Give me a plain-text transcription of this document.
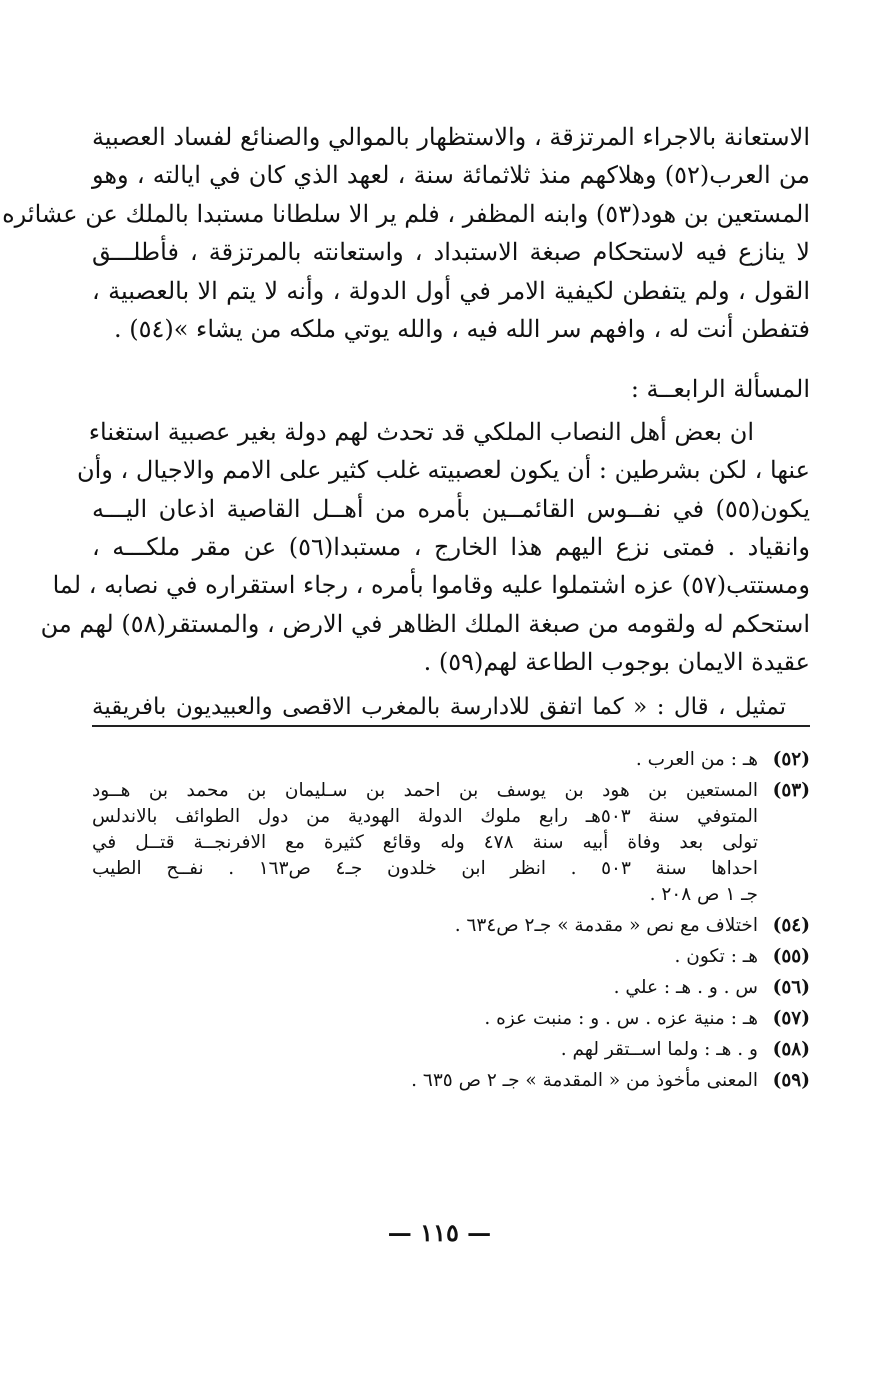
الاستعانة بالاجراء المرتزقة ، والاستظهار بالموالي والصنائع لفساد العصبية
من العرب(٥٢) وهلاكهم منذ ثلاثمائة سنة ، لعهد الذي كان في ايالته ، وهو
المستعين بن هود(٥٣) وابنه المظفر ، فلم ير الا سلطانا مستبدا بالملك عن عشائره
لا ينازع فيه لاستحكام صبغة الاستبداد ، واستعانته بالمرتزقة ، فأطلـــق
القول ، ولم يتفطن لكيفية الامر في أول الدولة ، وأنه لا يتم الا بالعصبية ،
فتفطن أنت له ، وافهم سر الله فيه ، والله يوتي ملكه من يشاء »(٥٤) .
المسألة الرابعــة :
ان بعض أهل النصاب الملكي قد تحدث لهم دولة بغير عصبية استغناء
عنها ، لكن بشرطين : أن يكون لعصبيته غلب كثير على الامم والاجيال ، وأن
يكون(٥٥) في نفــوس القائمــين بأمره من أهــل القاصية اذعان اليـــه
وانقياد . فمتى نزع اليهم هذا الخارج ، مستبدا(٥٦) عن مقر ملكـــه ،
ومستتب(٥٧) عزه اشتملوا عليه وقاموا بأمره ، رجاء استقراره في نصابه ، لما
استحكم له ولقومه من صبغة الملك الظاهر في الارض ، والمستقر(٥٨) لهم من
عقيدة الايمان بوجوب الطاعة لهم(٥٩) .
تمثيل ، قال : « كما اتفق للادارسة بالمغرب الاقصى والعبيديون بافريقية
(٥٢)
هـ : من العرب .
(٥٣)
المستعين بن هود بن يوسف بن احمد بن سـليمان بن محمد بن هــود
المتوفي سنة ٥٠٣هـ رابع ملوك الدولة الهودية من دول الطوائف بالاندلس
تولى بعد وفاة أبيه سنة ٤٧٨ وله وقائع كثيرة مع الافرنجــة قتــل في
احداها سنة ٥٠٣ . انظر ابن خلدون جـ٤ ص١٦٣ . نفــح الطيب
جـ ١ ص ٢٠٨ .
(٥٤)
اختلاف مع نص « مقدمة » جـ٢ ص٦٣٤ .
(٥٥)
هـ : تكون .
(٥٦)
س . و . هـ : علي .
(٥٧)
هـ : منية عزه . س . و : منبت عزه .
(٥٨)
و . هـ : ولما اســتقر لهم .
(٥٩)
المعنى مأخوذ من « المقدمة » جـ ٢ ص ٦٣٥ .
— ١١٥ —
